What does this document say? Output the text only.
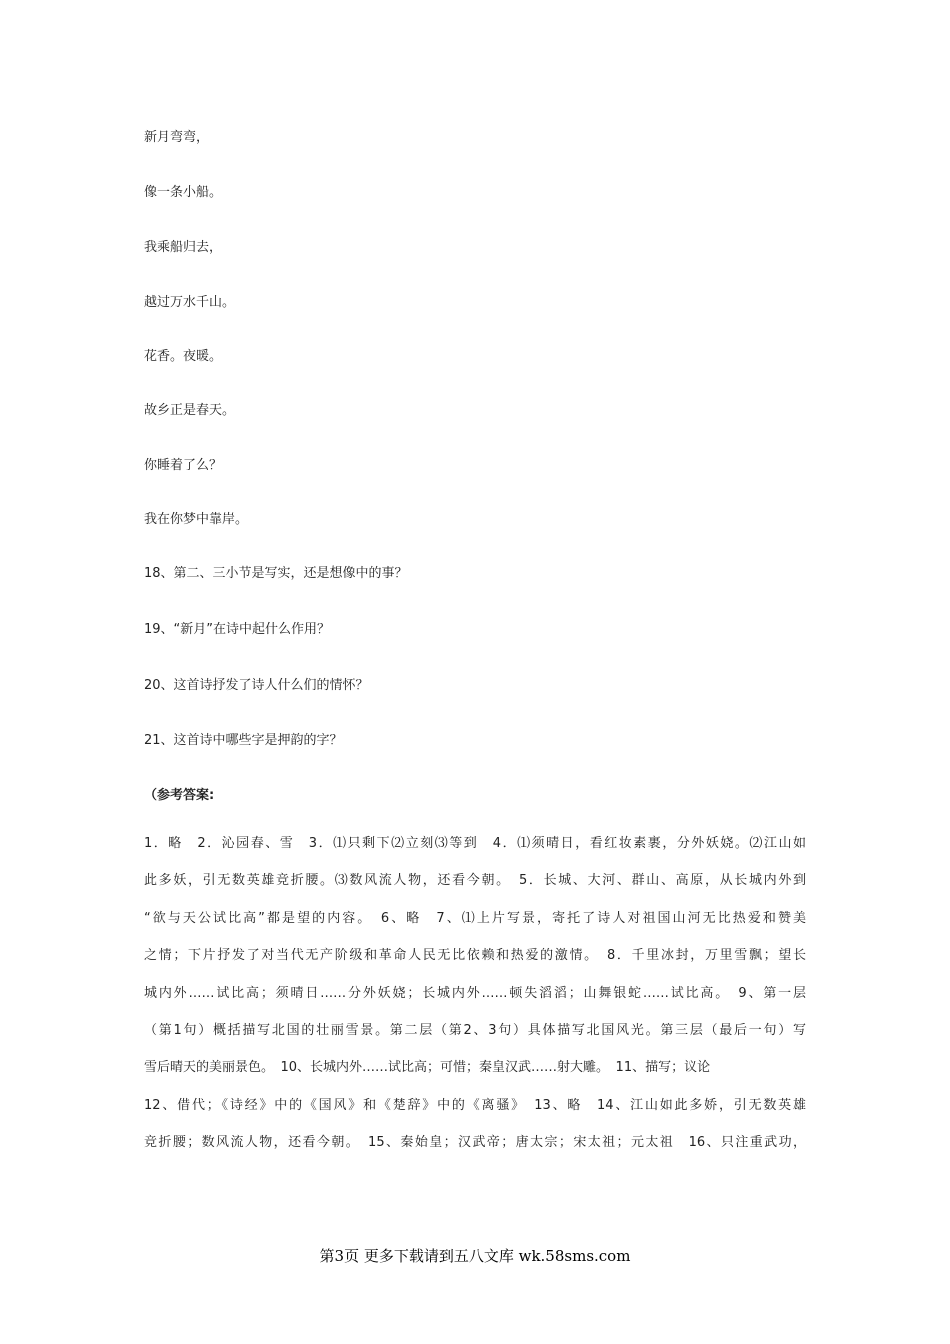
新月弯弯，
像一条小船。
我乘船归去，
越过万水千山。
花香。夜暖。
故乡正是春天。
你睡着了么？
我在你梦中靠岸。
18、第二、三小节是写实，还是想像中的事？
19、“新月”在诗中起什么作用？
20、这首诗抒发了诗人什么们的情怀？
21、这首诗中哪些字是押韵的字？
（参考答案:
1．略　2．沁园春、雪　3．⑴只剩下⑵立刻⑶等到　4．⑴须晴日，看红妆素裹，分外妖娆。⑵江山如
此多妖，引无数英雄竞折腰。⑶数风流人物，还看今朝。　5．长城、大河、群山、高原，从长城内外到
“欲与天公试比高”都是望的内容。　6、略　7、⑴上片写景，寄托了诗人对祖国山河无比热爱和赞美
之情；下片抒发了对当代无产阶级和革命人民无比依赖和热爱的激情。　8．千里冰封，万里雪飘；望长
城内外……试比高；须晴日……分外妖娆；长城内外……顿失滔滔；山舞银蛇……试比高。　9、第一层
（第1句）概括描写北国的壮丽雪景。第二层（第2、3句）具体描写北国风光。第三层（最后一句）写
雪后晴天的美丽景色。　10、长城内外……试比高；可惜；秦皇汉武……射大雕。　11、描写；议论
12、借代；《诗经》中的《国风》和《楚辞》中的《离骚》　13、略　14、江山如此多娇，引无数英雄
竞折腰；数风流人物，还看今朝。　15、秦始皇；汉武帝；唐太宗；宋太祖；元太祖　16、只注重武功，
第3页 更多下载请到五八文库 wk.58sms.com
